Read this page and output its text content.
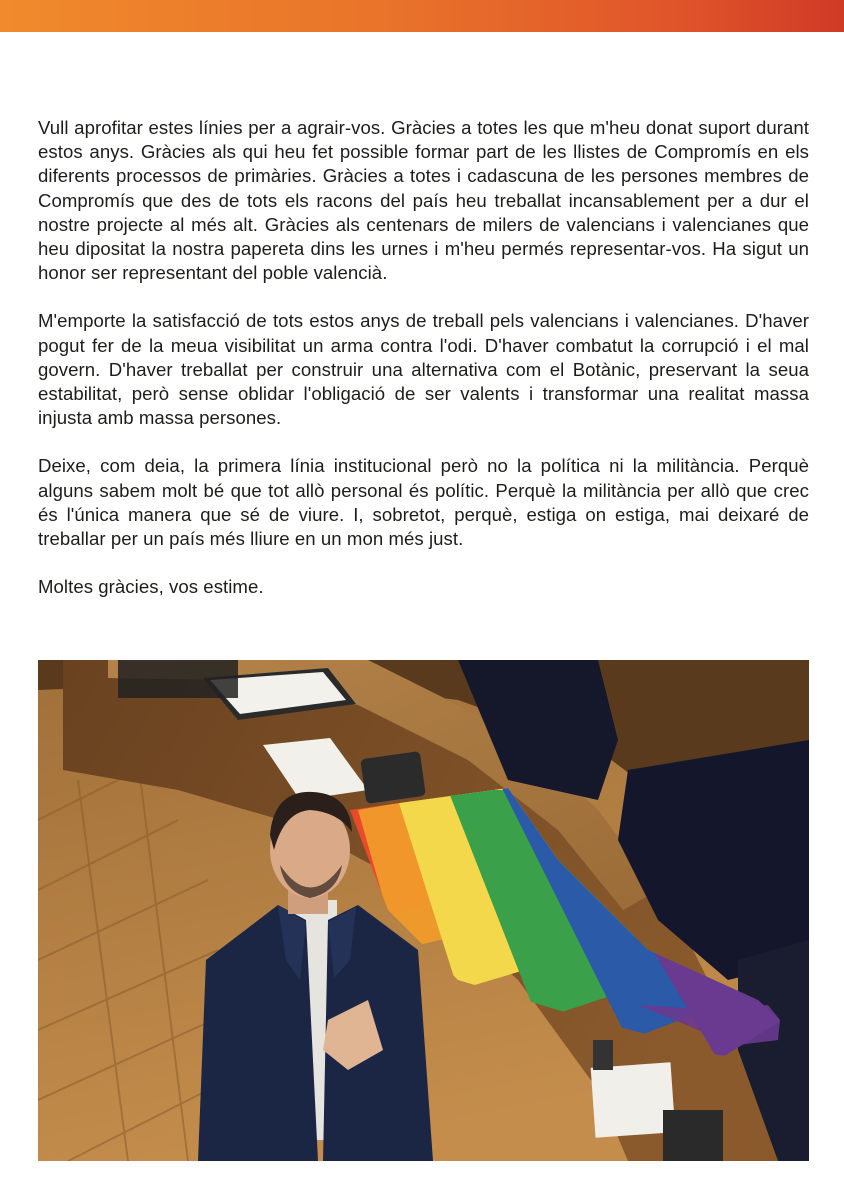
Vull aprofitar estes línies per a agrair-vos. Gràcies a totes les que m'heu donat suport durant estos anys. Gràcies als qui heu fet possible formar part de les llistes de Compromís en els diferents processos de primàries. Gràcies a totes i cadascuna de les persones membres de Compromís que des de tots els racons del país heu treballat incansablement per a dur el nostre projecte al més alt. Gràcies als centenars de milers de valencians i valencianes que heu dipositat la nostra papereta dins les urnes i m'heu permés representar-vos. Ha sigut un honor ser representant del poble valencià.

M'emporte la satisfacció de tots estos anys de treball pels valencians i valencianes. D'haver pogut fer de la meua visibilitat un arma contra l'odi. D'haver combatut la corrupció i el mal govern. D'haver treballat per construir una alternativa com el Botànic, preservant la seua estabilitat, però sense oblidar l'obligació de ser valents i transformar una realitat massa injusta amb massa persones.

Deixe, com deia, la primera línia institucional però no la política ni la militància. Perquè alguns sabem molt bé que tot allò personal és polític. Perquè la militància per allò que crec és l'única manera que sé de viure. I, sobretot, perquè, estiga on estiga, mai deixaré de treballar per un país més lliure en un mon més just.

Moltes gràcies, vos estime.
